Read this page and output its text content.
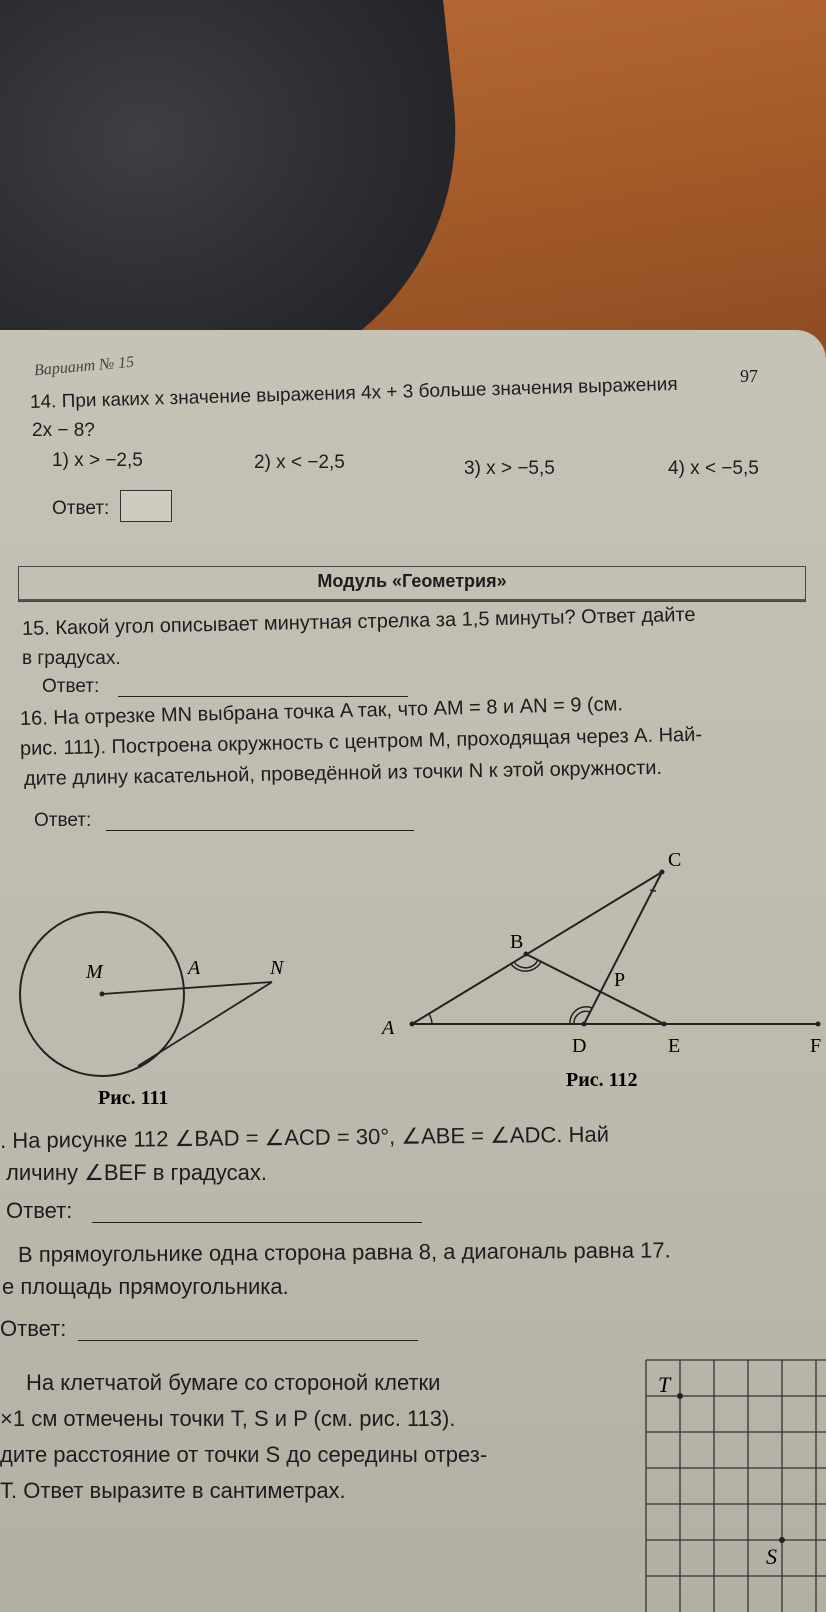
Вариант № 15	97
14. При каких x значение выражения 4x + 3 больше значения выражения
2x − 8?
1) x > −2,5	2) x < −2,5	3) x > −5,5	4) x < −5,5
Ответ:
Модуль «Геометрия»
15. Какой угол описывает минутная стрелка за 1,5 минуты? Ответ дайте
в градусах.
Ответ:
16. На отрезке MN выбрана точка A так, что AM = 8 и AN = 9 (см.
рис. 111). Построена окружность с центром M, проходящая через A. Най-
дите длину касательной, проведённой из точки N к этой окружности.
Ответ:
M	A	N
Рис. 111
A
B
C
D	E	F
P
Рис. 112
. На рисунке 112 ∠BAD = ∠ACD = 30°, ∠ABE = ∠ADC. Най
личину ∠BEF в градусах.
Ответ:
В прямоугольнике одна сторона равна 8, а диагональ равна 17.
е площадь прямоугольника.
Ответ:
На клетчатой бумаге со стороной клетки
×1 см отмечены точки T, S и P (см. рис. 113).
дите расстояние от точки S до середины отрез-
T. Ответ выразите в сантиметрах.
T
S
